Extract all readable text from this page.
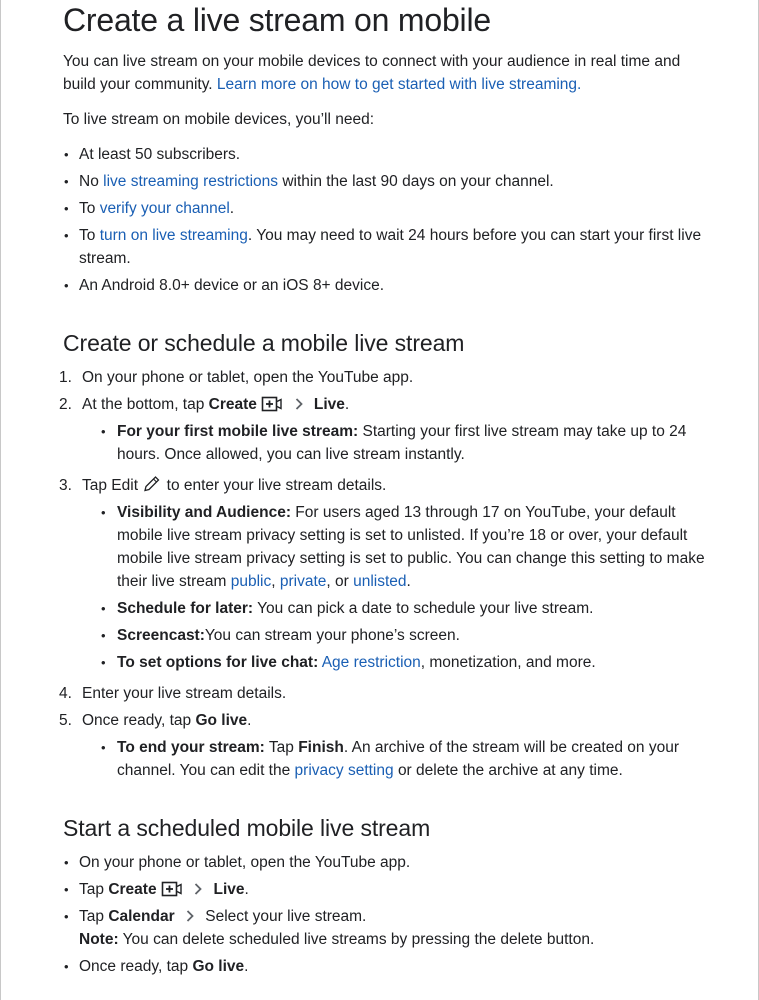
Create a live stream on mobile

You can live stream on your mobile devices to connect with your audience in real time and build your community. Learn more on how to get started with live streaming.

To live stream on mobile devices, you’ll need:

• At least 50 subscribers.
• No live streaming restrictions within the last 90 days on your channel.
• To verify your channel.
• To turn on live streaming. You may need to wait 24 hours before you can start your first live stream.
• An Android 8.0+ device or an iOS 8+ device.
Create or schedule a mobile live stream
1. On your phone or tablet, open the YouTube app.
2. At the bottom, tap Create	Live.
• For your first mobile live stream: Starting your first live stream may take up to 24 hours. Once allowed, you can live stream instantly.
3. Tap Edit to enter your live stream details.
• Visibility and Audience: For users aged 13 through 17 on YouTube, your default mobile live stream privacy setting is set to unlisted. If you’re 18 or over, your default mobile live stream privacy setting is set to public. You can change this setting to make their live stream public, private, or unlisted.
• Schedule for later: You can pick a date to schedule your live stream.
• Screencast:You can stream your phone’s screen.
• To set options for live chat: Age restriction, monetization, and more.
4. Enter your live stream details.
5. Once ready, tap Go live.
• To end your stream: Tap Finish. An archive of the stream will be created on your channel. You can edit the privacy setting or delete the archive at any time.
Start a scheduled mobile live stream
• On your phone or tablet, open the YouTube app.
• Tap Create	Live.
• Tap Calendar Select your live stream.
Note: You can delete scheduled live streams by pressing the delete button.
• Once ready, tap Go live.
